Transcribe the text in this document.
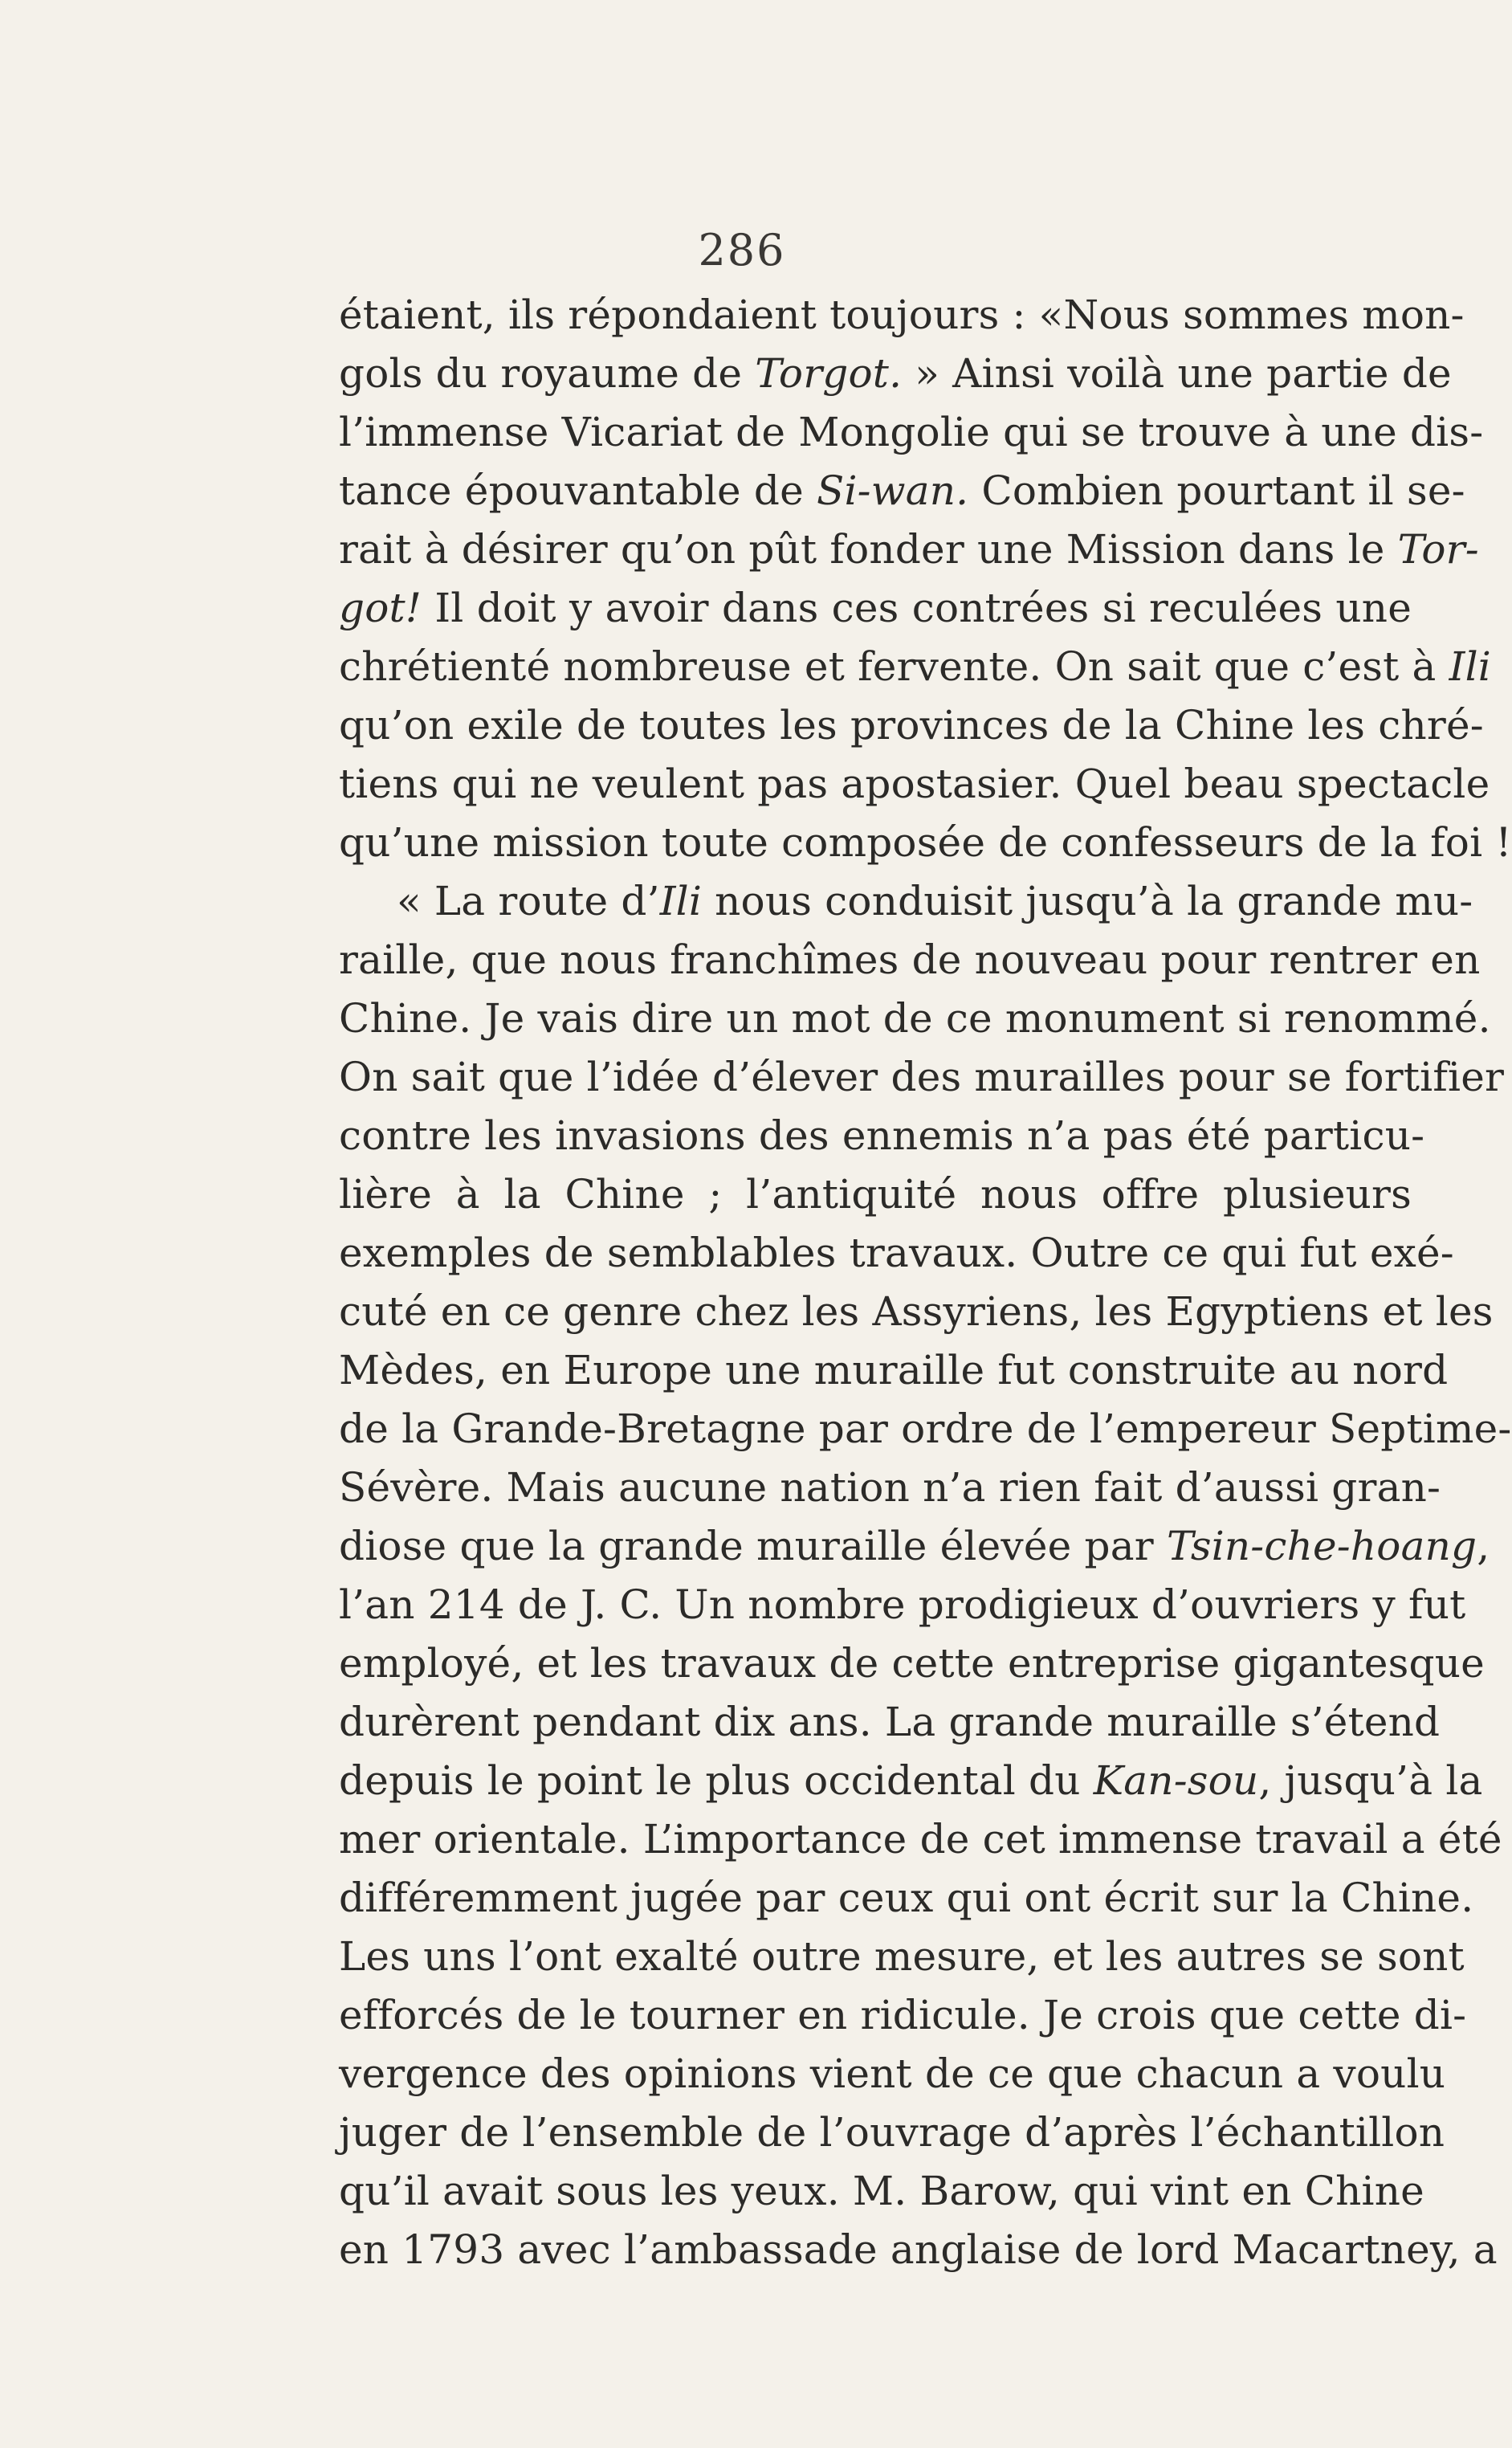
286
étaient, ils répondaient toujours : «Nous sommes mon-
gols du royaume de Torgot. » Ainsi voilà une partie de
l’immense Vicariat de Mongolie qui se trouve à une dis-
tance épouvantable de Si-wan. Combien pourtant il se-
rait à désirer qu’on pût fonder une Mission dans le Tor-
got! Il doit y avoir dans ces contrées si reculées une
chrétienté nombreuse et fervente. On sait que c’est à Ili
qu’on exile de toutes les provinces de la Chine les chré-
tiens qui ne veulent pas apostasier. Quel beau spectacle
qu’une mission toute composée de confesseurs de la foi !
« La route d’Ili nous conduisit jusqu’à la grande mu-
raille, que nous franchîmes de nouveau pour rentrer en
Chine. Je vais dire un mot de ce monument si renommé.
On sait que l’idée d’élever des murailles pour se fortifier
contre les invasions des ennemis n’a pas été particu-
lière à la Chine ; l’antiquité nous offre plusieurs
exemples de semblables travaux. Outre ce qui fut exé-
cuté en ce genre chez les Assyriens, les Egyptiens et les
Mèdes, en Europe une muraille fut construite au nord
de la Grande-Bretagne par ordre de l’empereur Septime-
Sévère. Mais aucune nation n’a rien fait d’aussi gran-
diose que la grande muraille élevée par Tsin-che-hoang,
l’an 214 de J. C. Un nombre prodigieux d’ouvriers y fut
employé, et les travaux de cette entreprise gigantesque
durèrent pendant dix ans. La grande muraille s’étend
depuis le point le plus occidental du Kan-sou, jusqu’à la
mer orientale. L’importance de cet immense travail a été
différemment jugée par ceux qui ont écrit sur la Chine.
Les uns l’ont exalté outre mesure, et les autres se sont
efforcés de le tourner en ridicule. Je crois que cette di-
vergence des opinions vient de ce que chacun a voulu
juger de l’ensemble de l’ouvrage d’après l’échantillon
qu’il avait sous les yeux. M. Barow, qui vint en Chine
en 1793 avec l’ambassade anglaise de lord Macartney, a
